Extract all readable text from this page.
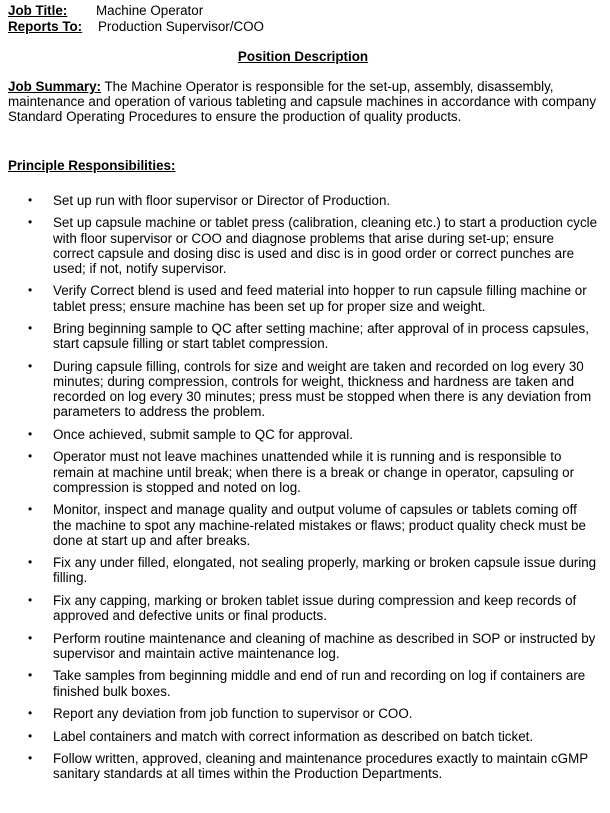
Job Title:	Machine Operator
Reports To:	Production Supervisor/COO
Position Description
Job Summary: The Machine Operator is responsible for the set-up, assembly, disassembly, maintenance and operation of various tableting and capsule machines in accordance with company Standard Operating Procedures to ensure the production of quality products.
Principle Responsibilities:
• Set up run with floor supervisor or Director of Production.
• Set up capsule machine or tablet press (calibration, cleaning etc.) to start a production cycle with floor supervisor or COO and diagnose problems that arise during set-up; ensure correct capsule and dosing disc is used and disc is in good order or correct punches are used; if not, notify supervisor.
• Verify Correct blend is used and feed material into hopper to run capsule filling machine or tablet press; ensure machine has been set up for proper size and weight.
• Bring beginning sample to QC after setting machine; after approval of in process capsules, start capsule filling or start tablet compression.
• During capsule filling, controls for size and weight are taken and recorded on log every 30 minutes; during compression, controls for weight, thickness and hardness are taken and recorded on log every 30 minutes; press must be stopped when there is any deviation from parameters to address the problem.
• Once achieved, submit sample to QC for approval.
• Operator must not leave machines unattended while it is running and is responsible to remain at machine until break; when there is a break or change in operator, capsuling or compression is stopped and noted on log.
• Monitor, inspect and manage quality and output volume of capsules or tablets coming off the machine to spot any machine-related mistakes or flaws; product quality check must be done at start up and after breaks.
• Fix any under filled, elongated, not sealing properly, marking or broken capsule issue during filling.
• Fix any capping, marking or broken tablet issue during compression and keep records of approved and defective units or final products.
• Perform routine maintenance and cleaning of machine as described in SOP or instructed by supervisor and maintain active maintenance log.
• Take samples from beginning middle and end of run and recording on log if containers are finished bulk boxes.
• Report any deviation from job function to supervisor or COO.
• Label containers and match with correct information as described on batch ticket.
• Follow written, approved, cleaning and maintenance procedures exactly to maintain cGMP sanitary standards at all times within the Production Departments.
